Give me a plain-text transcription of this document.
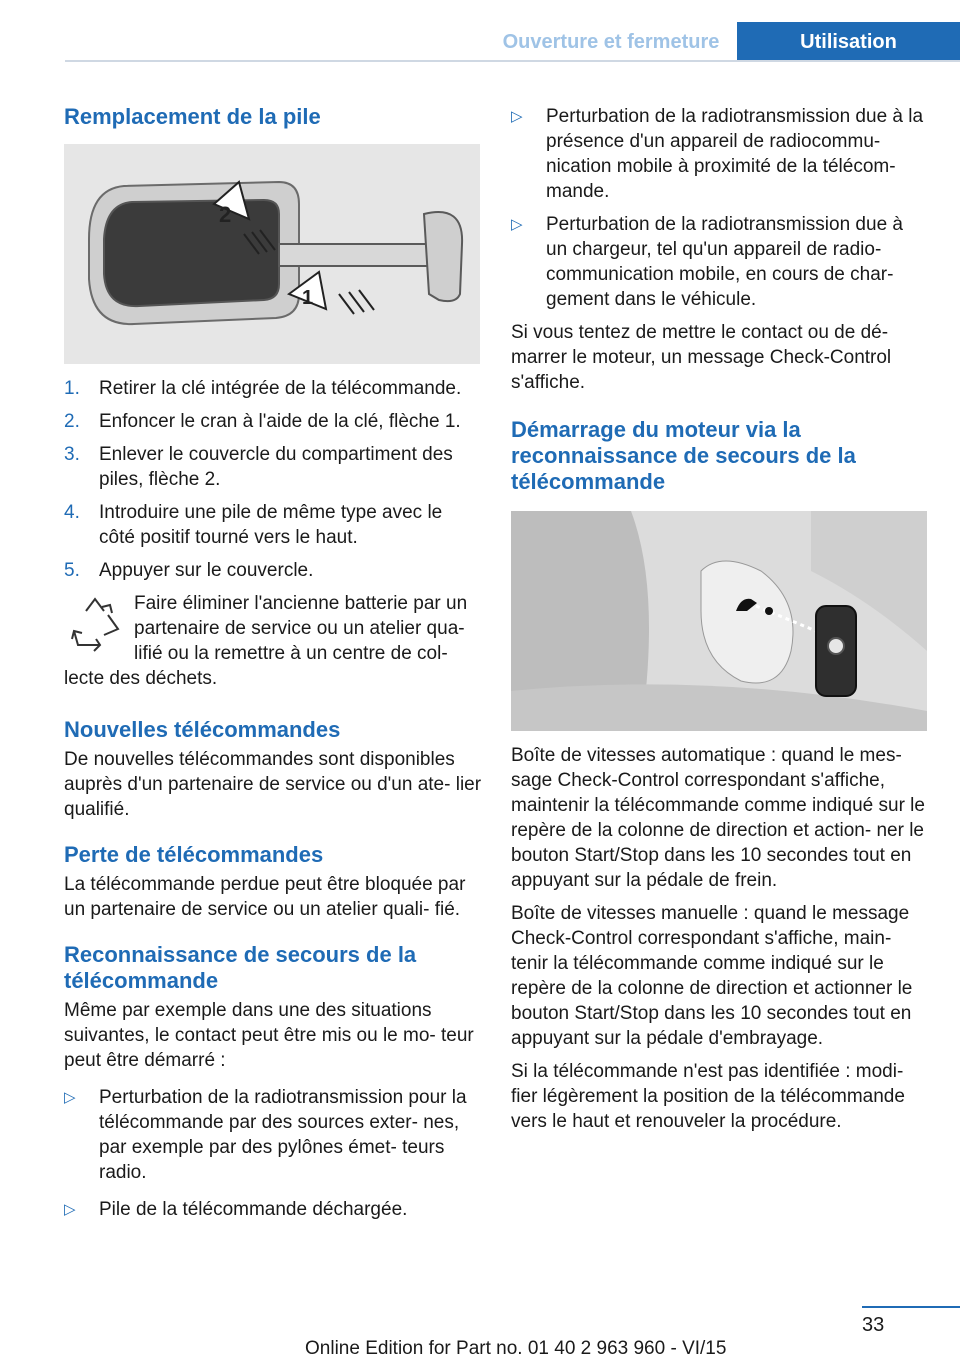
Ouverture et fermeture	Utilisation
Remplacement de la pile
2
1
1. Retirer la clé intégrée de la télécommande.
2. Enfoncer le cran à l'aide de la clé, flèche 1.
3. Enlever le couvercle du compartiment des piles, flèche 2.
4. Introduire une pile de même type avec le côté positif tourné vers le haut.
5. Appuyer sur le couvercle.

Faire éliminer l'ancienne batterie par un partenaire de service ou un atelier qua‐ lifié ou la remettre à un centre de col‐ lecte des déchets.

Nouvelles télécommandes

De nouvelles télécommandes sont disponibles auprès d'un partenaire de service ou d'un ate‐ lier qualifié.

Perte de télécommandes

La télécommande perdue peut être bloquée par un partenaire de service ou un atelier quali‐ fié.

Reconnaissance de secours de la télécommande

Même par exemple dans une des situations suivantes, le contact peut être mis ou le mo‐ teur peut être démarré :

▷ Perturbation de la radiotransmission pour la télécommande par des sources exter‐ nes, par exemple par des pylônes émet‐ teurs radio.
▷ Pile de la télécommande déchargée.
▷ Perturbation de la radiotransmission due à la présence d'un appareil de radiocommu‐ nication mobile à proximité de la télécom‐ mande.
▷ Perturbation de la radiotransmission due à un chargeur, tel qu'un appareil de radio‐ communication mobile, en cours de char‐ gement dans le véhicule.

Si vous tentez de mettre le contact ou de dé‐ marrer le moteur, un message Check-Control s'affiche.

Démarrage du moteur via la reconnaissance de secours de la télécommande

Boîte de vitesses automatique : quand le mes‐ sage Check-Control correspondant s'affiche, maintenir la télécommande comme indiqué sur le repère de la colonne de direction et action‐ ner le bouton Start/Stop dans les 10 secondes tout en appuyant sur la pédale de frein.

Boîte de vitesses manuelle : quand le message Check-Control correspondant s'affiche, main‐ tenir la télécommande comme indiqué sur le repère de la colonne de direction et actionner le bouton Start/Stop dans les 10 secondes tout en appuyant sur la pédale d'embrayage.

Si la télécommande n'est pas identifiée : modi‐ fier légèrement la position de la télécommande vers le haut et renouveler la procédure.

33
Online Edition for Part no. 01 40 2 963 960 - VI/15
